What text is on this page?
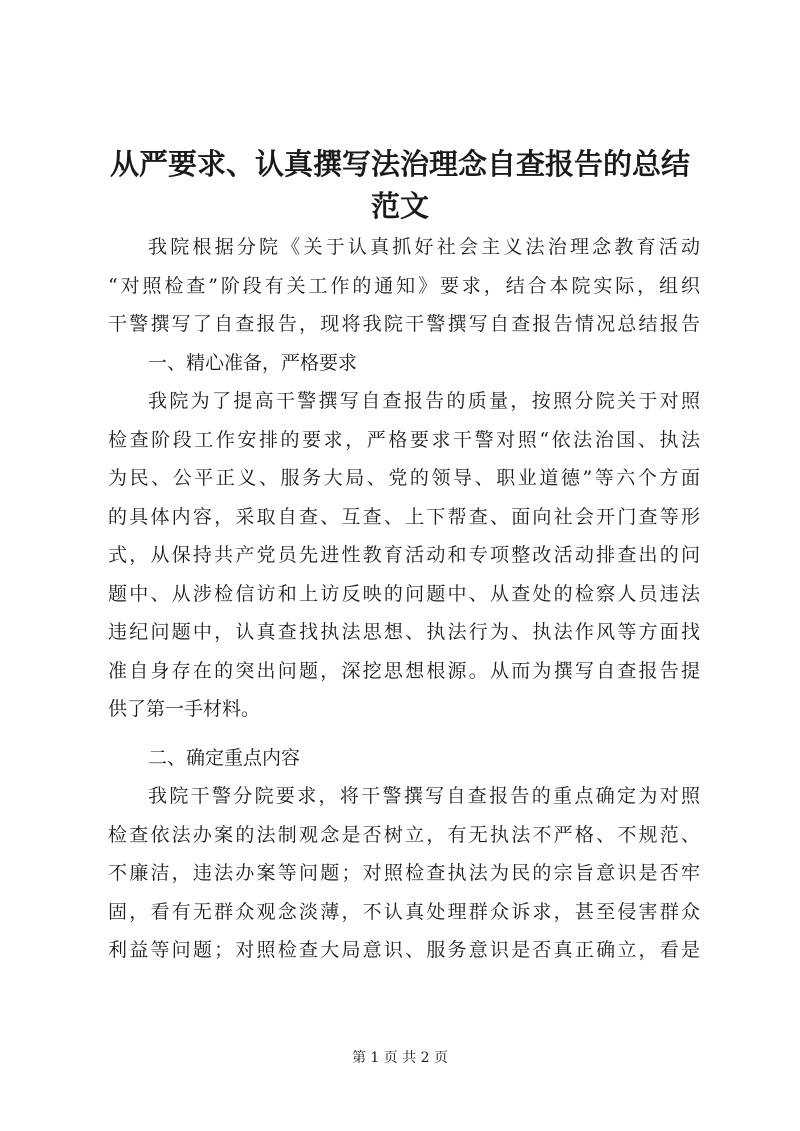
从严要求、认真撰写法治理念自查报告的总结
范文
我院根据分院《关于认真抓好社会主义法治理念教育活动
“对照检查”阶段有关工作的通知》要求，结合本院实际，组织
干警撰写了自查报告，现将我院干警撰写自查报告情况总结报告
一、精心准备，严格要求
我院为了提高干警撰写自查报告的质量，按照分院关于对照
检查阶段工作安排的要求，严格要求干警对照“依法治国、执法
为民、公平正义、服务大局、党的领导、职业道德”等六个方面
的具体内容，采取自查、互查、上下帮查、面向社会开门查等形
式，从保持共产党员先进性教育活动和专项整改活动排查出的问
题中、从涉检信访和上访反映的问题中、从查处的检察人员违法
违纪问题中，认真查找执法思想、执法行为、执法作风等方面找
准自身存在的突出问题，深挖思想根源。从而为撰写自查报告提
供了第一手材料。
二、确定重点内容
我院干警分院要求，将干警撰写自查报告的重点确定为对照
检查依法办案的法制观念是否树立，有无执法不严格、不规范、
不廉洁，违法办案等问题；对照检查执法为民的宗旨意识是否牢
固，看有无群众观念淡薄，不认真处理群众诉求，甚至侵害群众
利益等问题；对照检查大局意识、服务意识是否真正确立，看是
第 1 页 共 2 页
